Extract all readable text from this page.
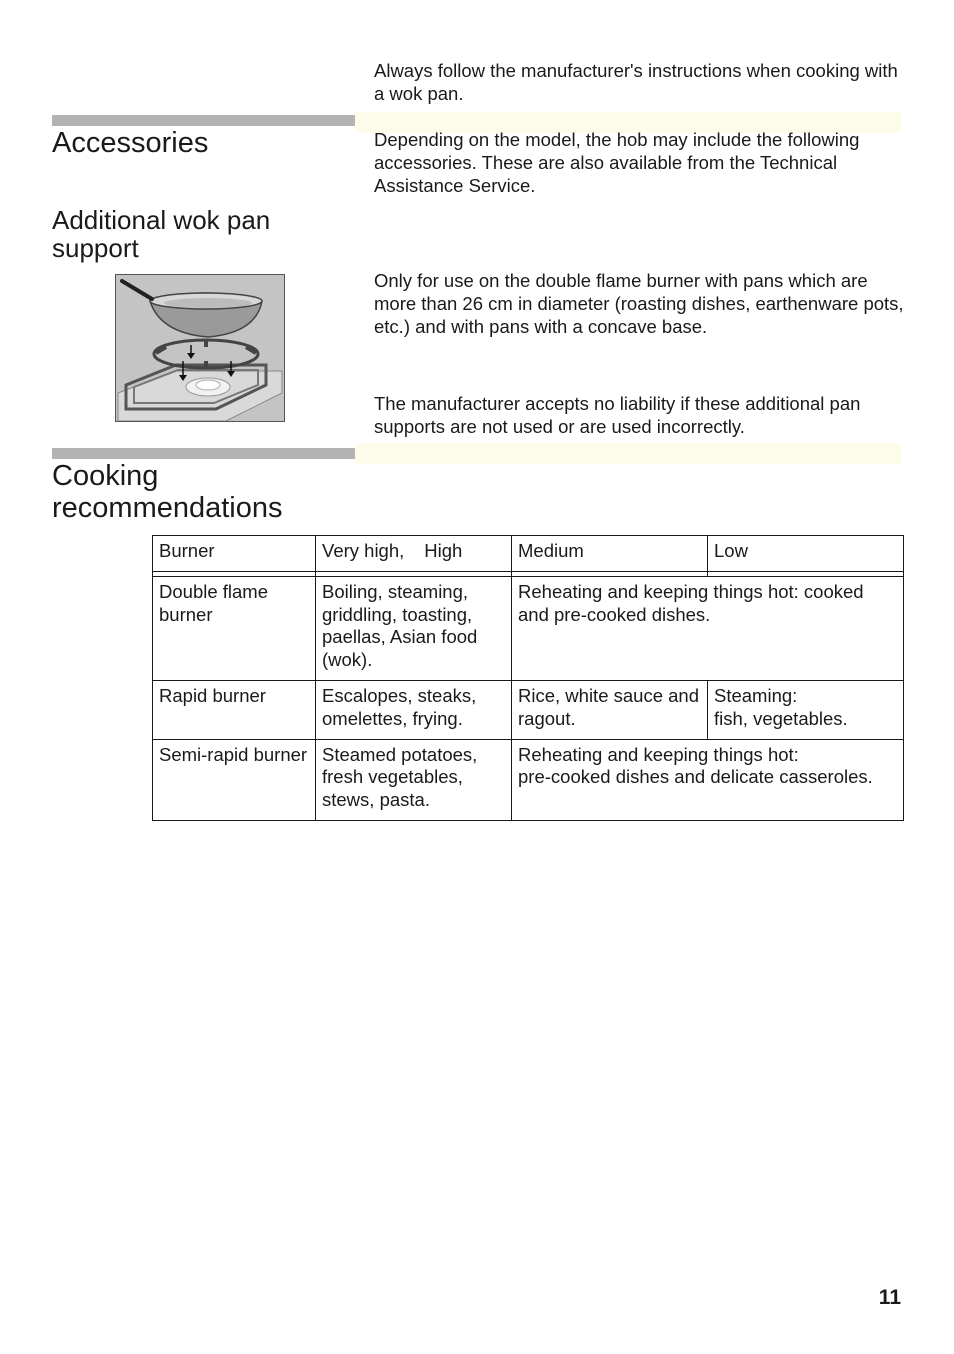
Always follow the manufacturer's instructions when cooking with a wok pan.
Accessories	Depending on the model, the hob may include the following accessories. These are also available from the Technical Assistance Service.
Additional wok pan support
Only for use on the double flame burner with pans which are more than 26 cm in diameter (roasting dishes, earthenware pots, etc.) and with pans with a concave base.
The manufacturer accepts no liability if these additional pan supports are not used or are used incorrectly.
Cooking recommendations
Burner	Very high, High	Medium	Low

Double flame burner	Boiling, steaming, griddling, toasting, paellas, Asian food (wok).	Reheating and keeping things hot: cooked and pre-cooked dishes.	
Rapid burner	Escalopes, steaks, omelettes, frying.	Rice, white sauce and ragout.	Steaming:
fish, vegetables.

Semi-rapid burner	Steamed potatoes, fresh vegetables, stews, pasta.	Reheating and keeping things hot:
pre-cooked dishes and delicate casseroles.	
11
